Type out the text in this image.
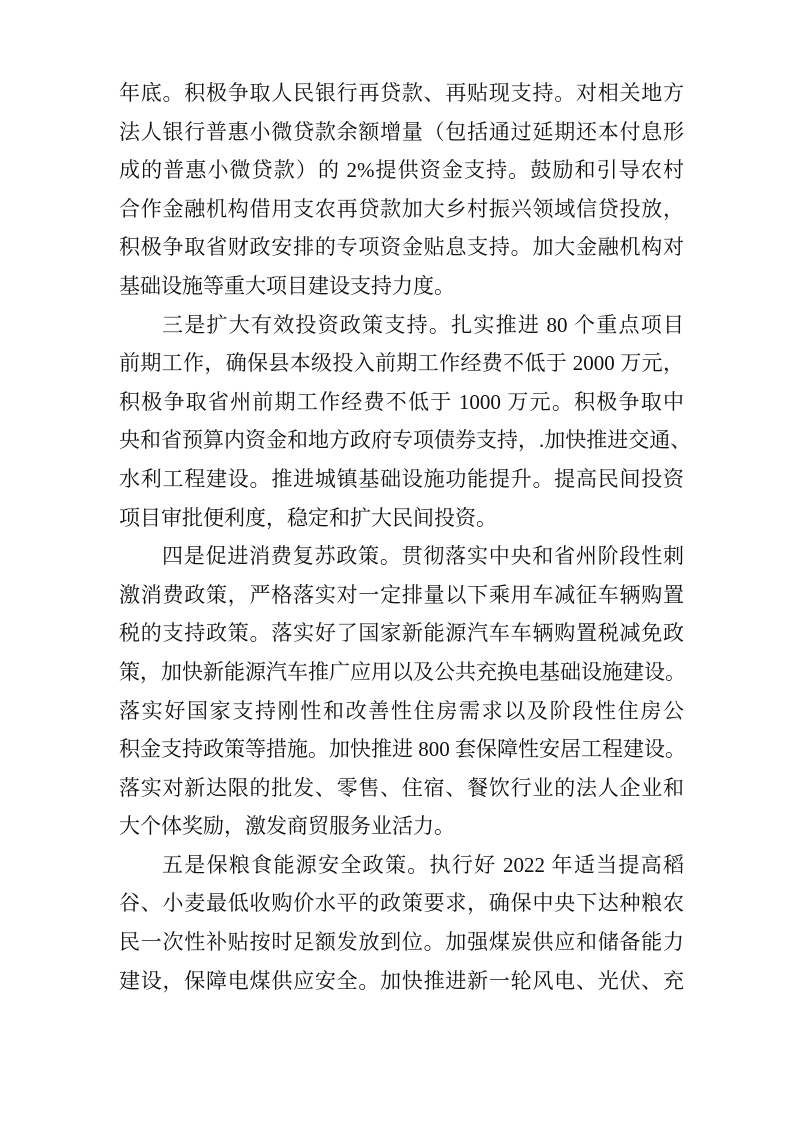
年底。积极争取人民银行再贷款、再贴现支持。对相关地方
法人银行普惠小微贷款余额增量（包括通过延期还本付息形
成的普惠小微贷款）的 2%提供资金支持。鼓励和引导农村
合作金融机构借用支农再贷款加大乡村振兴领域信贷投放，
积极争取省财政安排的专项资金贴息支持。加大金融机构对
基础设施等重大项目建设支持力度。
三是扩大有效投资政策支持。扎实推进 80 个重点项目
前期工作，确保县本级投入前期工作经费不低于 2000 万元，
积极争取省州前期工作经费不低于 1000 万元。积极争取中
央和省预算内资金和地方政府专项债券支持，.加快推进交通、
水利工程建设。推进城镇基础设施功能提升。提高民间投资
项目审批便利度，稳定和扩大民间投资。
四是促进消费复苏政策。贯彻落实中央和省州阶段性刺
激消费政策，严格落实对一定排量以下乘用车减征车辆购置
税的支持政策。落实好了国家新能源汽车车辆购置税减免政
策，加快新能源汽车推广应用以及公共充换电基础设施建设。
落实好国家支持刚性和改善性住房需求以及阶段性住房公
积金支持政策等措施。加快推进 800 套保障性安居工程建设。
落实对新达限的批发、零售、住宿、餐饮行业的法人企业和
大个体奖励，激发商贸服务业活力。
五是保粮食能源安全政策。执行好 2022 年适当提高稻
谷、小麦最低收购价水平的政策要求，确保中央下达种粮农
民一次性补贴按时足额发放到位。加强煤炭供应和储备能力
建设，保障电煤供应安全。加快推进新一轮风电、光伏、充
